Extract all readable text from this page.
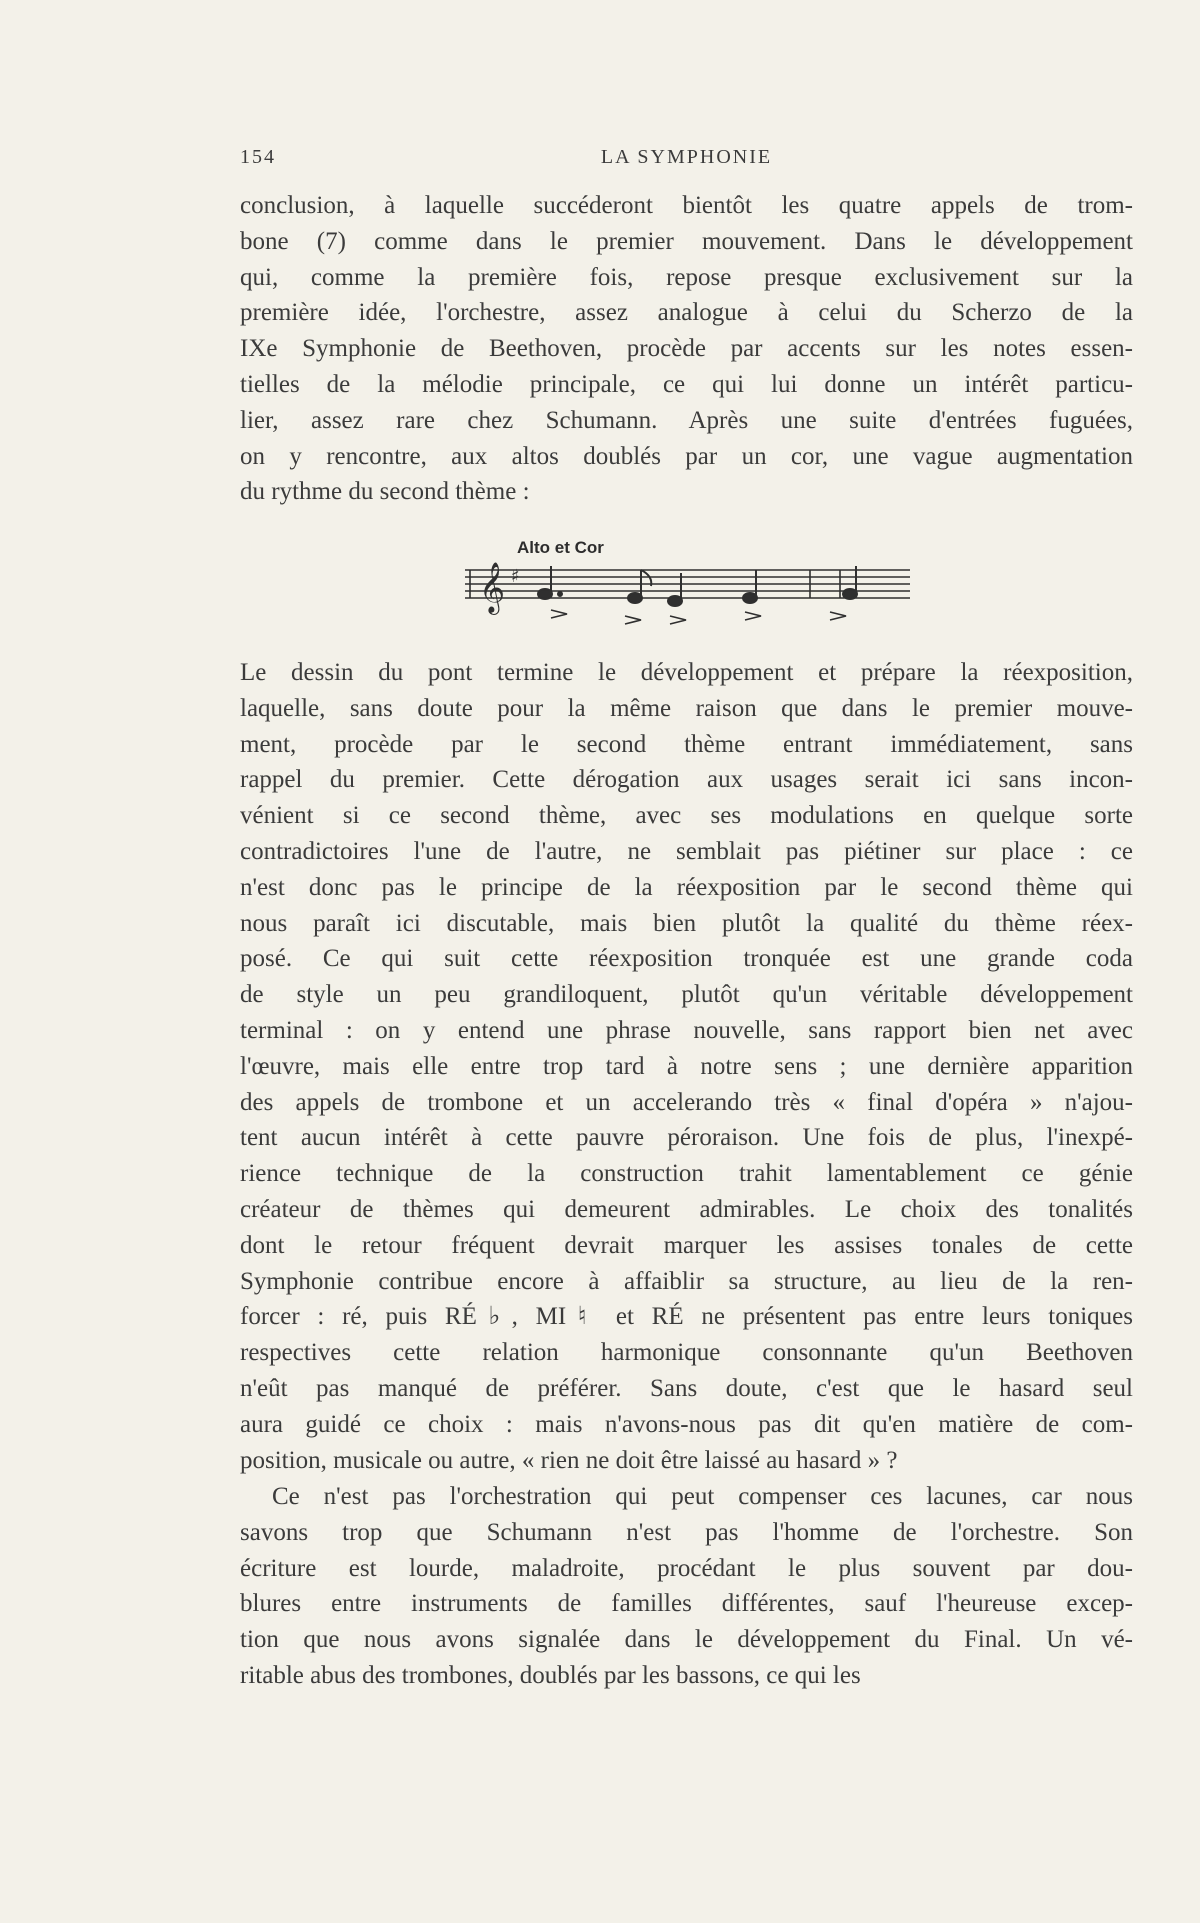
154	LA SYMPHONIE
conclusion, à laquelle succéderont bientôt les quatre appels de trom-
bone (7) comme dans le premier mouvement. Dans le développement
qui, comme la première fois, repose presque exclusivement sur la
première idée, l'orchestre, assez analogue à celui du Scherzo de la
IXe Symphonie de Beethoven, procède par accents sur les notes essen-
tielles de la mélodie principale, ce qui lui donne un intérêt particu-
lier, assez rare chez Schumann. Après une suite d'entrées fuguées,
on y rencontre, aux altos doublés par un cor, une vague augmentation
du rythme du second thème :
Alto et Cor
𝄞 ♯
Le dessin du pont termine le développement et prépare la réexposition,
laquelle, sans doute pour la même raison que dans le premier mouve-
ment, procède par le second thème entrant immédiatement, sans
rappel du premier. Cette dérogation aux usages serait ici sans incon-
vénient si ce second thème, avec ses modulations en quelque sorte
contradictoires l'une de l'autre, ne semblait pas piétiner sur place : ce
n'est donc pas le principe de la réexposition par le second thème qui
nous paraît ici discutable, mais bien plutôt la qualité du thème réex-
posé. Ce qui suit cette réexposition tronquée est une grande coda
de style un peu grandiloquent, plutôt qu'un véritable développement
terminal : on y entend une phrase nouvelle, sans rapport bien net avec
l'œuvre, mais elle entre trop tard à notre sens ; une dernière apparition
des appels de trombone et un accelerando très « final d'opéra » n'ajou-
tent aucun intérêt à cette pauvre péroraison. Une fois de plus, l'inexpé-
rience technique de la construction trahit lamentablement ce génie
créateur de thèmes qui demeurent admirables. Le choix des tonalités
dont le retour fréquent devrait marquer les assises tonales de cette
Symphonie contribue encore à affaiblir sa structure, au lieu de la ren-
forcer : ré, puis RÉ♭, MI♮ et RÉ ne présentent pas entre leurs toniques
respectives cette relation harmonique consonnante qu'un Beethoven
n'eût pas manqué de préférer. Sans doute, c'est que le hasard seul
aura guidé ce choix : mais n'avons-nous pas dit qu'en matière de com-
position, musicale ou autre, « rien ne doit être laissé au hasard » ?
Ce n'est pas l'orchestration qui peut compenser ces lacunes, car nous
savons trop que Schumann n'est pas l'homme de l'orchestre. Son
écriture est lourde, maladroite, procédant le plus souvent par dou-
blures entre instruments de familles différentes, sauf l'heureuse excep-
tion que nous avons signalée dans le développement du Final. Un vé-
ritable abus des trombones, doublés par les bassons, ce qui les
